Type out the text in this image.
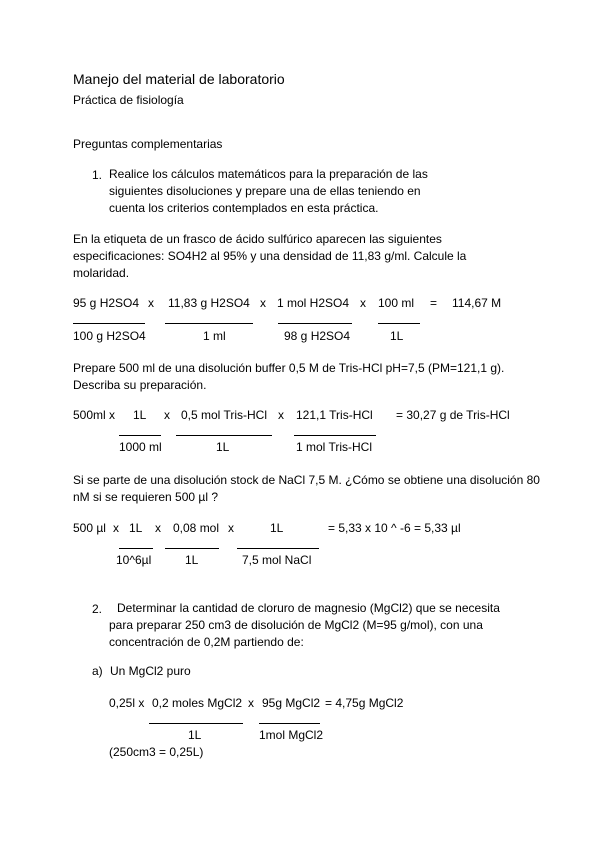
Manejo del material de laboratorio
Práctica de fisiología
Preguntas complementarias
1. Realice los cálculos matemáticos para la preparación de las siguientes disoluciones y prepare una de ellas teniendo en cuenta los criterios contemplados en esta práctica.
En la etiqueta de un frasco de ácido sulfúrico aparecen las siguientes especificaciones: SO4H2 al 95% y una densidad de 11,83 g/ml. Calcule la molaridad.
95 g H2SO4 x 11,83 g H2SO4 x 1 mol H2SO4 x 100 ml = 114,67 M
100 g H2SO4	1 ml	98 g H2SO4	1L
Prepare 500 ml de una disolución buffer 0,5 M de Tris-HCl pH=7,5 (PM=121,1 g). Describa su preparación.
500ml x 1L x 0,5 mol Tris-HCl x 121,1 Tris-HCl = 30,27 g de Tris-HCl
1000 ml	1L	1 mol Tris-HCl
Si se parte de una disolución stock de NaCl 7,5 M. ¿Cómo se obtiene una disolución 80 nM si se requieren 500 µl ?
500 µl x 1L x 0,08 mol x	1L	= 5,33 x 10 ^ -6 = 5,33 µl
10^6µl	1L	7,5 mol NaCl
2.	Determinar la cantidad de cloruro de magnesio (MgCl2) que se necesita para preparar 250 cm3 de disolución de MgCl2 (M=95 g/mol), con una concentración de 0,2M partiendo de:
a) Un MgCl2 puro
0,25l x 0,2 moles MgCl2 x 95g MgCl2 = 4,75g MgCl2
1L	1mol MgCl2
(250cm3 = 0,25L)
